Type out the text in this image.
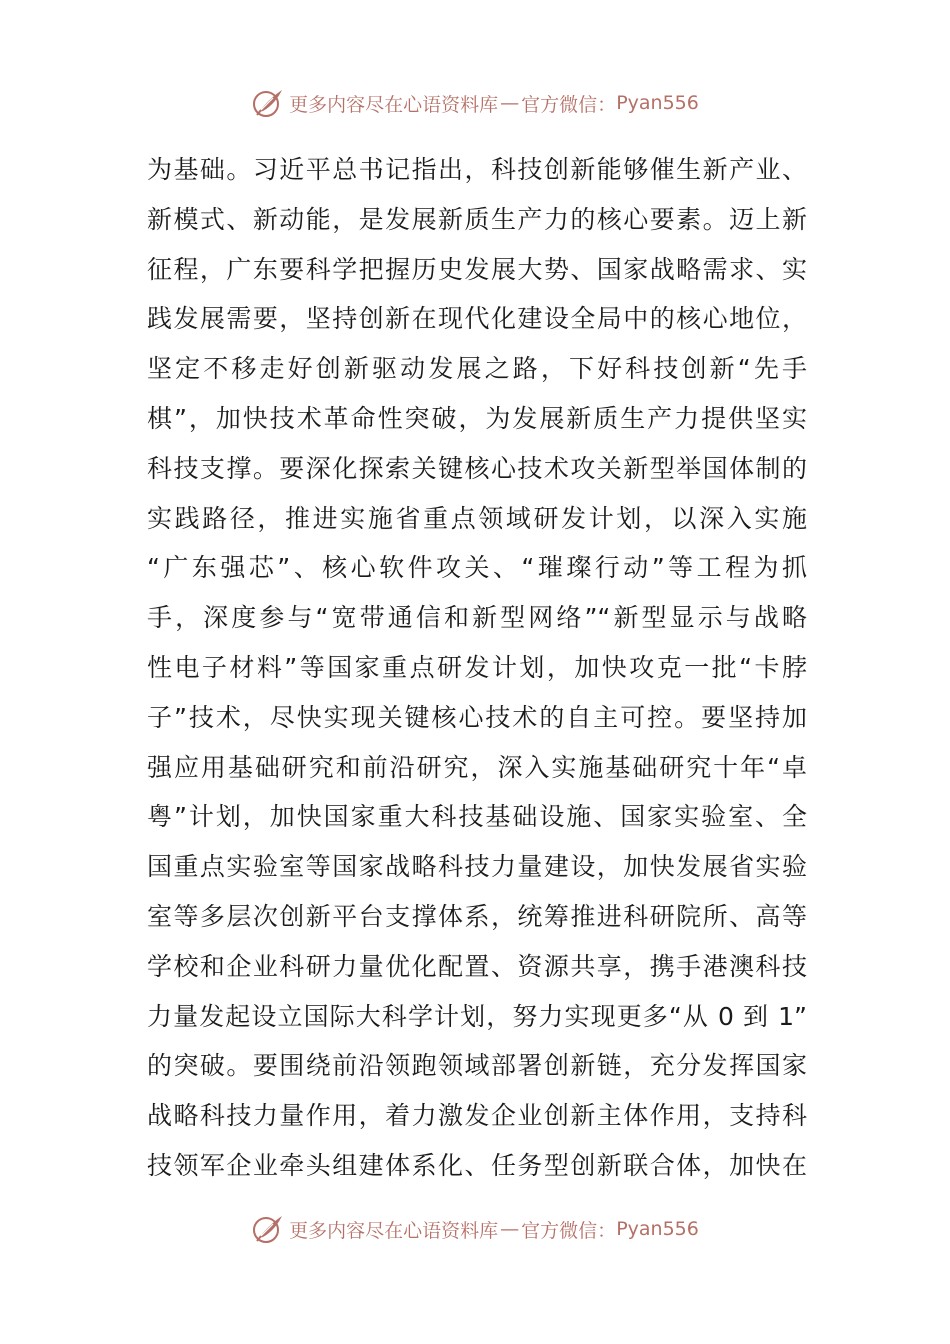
更多内容尽在心语资料库 — 官方微信： Pyan556
为基础。习近平总书记指出，科技创新能够催生新产业、
新模式、新动能，是发展新质生产力的核心要素。迈上新
征程，广东要科学把握历史发展大势、国家战略需求、实
践发展需要，坚持创新在现代化建设全局中的核心地位，
坚定不移走好创新驱动发展之路，下好科技创新“先手
棋”，加快技术革命性突破，为发展新质生产力提供坚实
科技支撑。要深化探索关键核心技术攻关新型举国体制的
实践路径，推进实施省重点领域研发计划，以深入实施
“广东强芯”、核心软件攻关、“璀璨行动”等工程为抓
手，深度参与“宽带通信和新型网络”“新型显示与战略
性电子材料”等国家重点研发计划，加快攻克一批“卡脖
子”技术，尽快实现关键核心技术的自主可控。要坚持加
强应用基础研究和前沿研究，深入实施基础研究十年“卓
粤”计划，加快国家重大科技基础设施、国家实验室、全
国重点实验室等国家战略科技力量建设，加快发展省实验
室等多层次创新平台支撑体系，统筹推进科研院所、高等
学校和企业科研力量优化配置、资源共享，携手港澳科技
力量发起设立国际大科学计划，努力实现更多“从 0 到 1”
的突破。要围绕前沿领跑领域部署创新链，充分发挥国家
战略科技力量作用，着力激发企业创新主体作用，支持科
技领军企业牵头组建体系化、任务型创新联合体，加快在
更多内容尽在心语资料库 — 官方微信： Pyan556
